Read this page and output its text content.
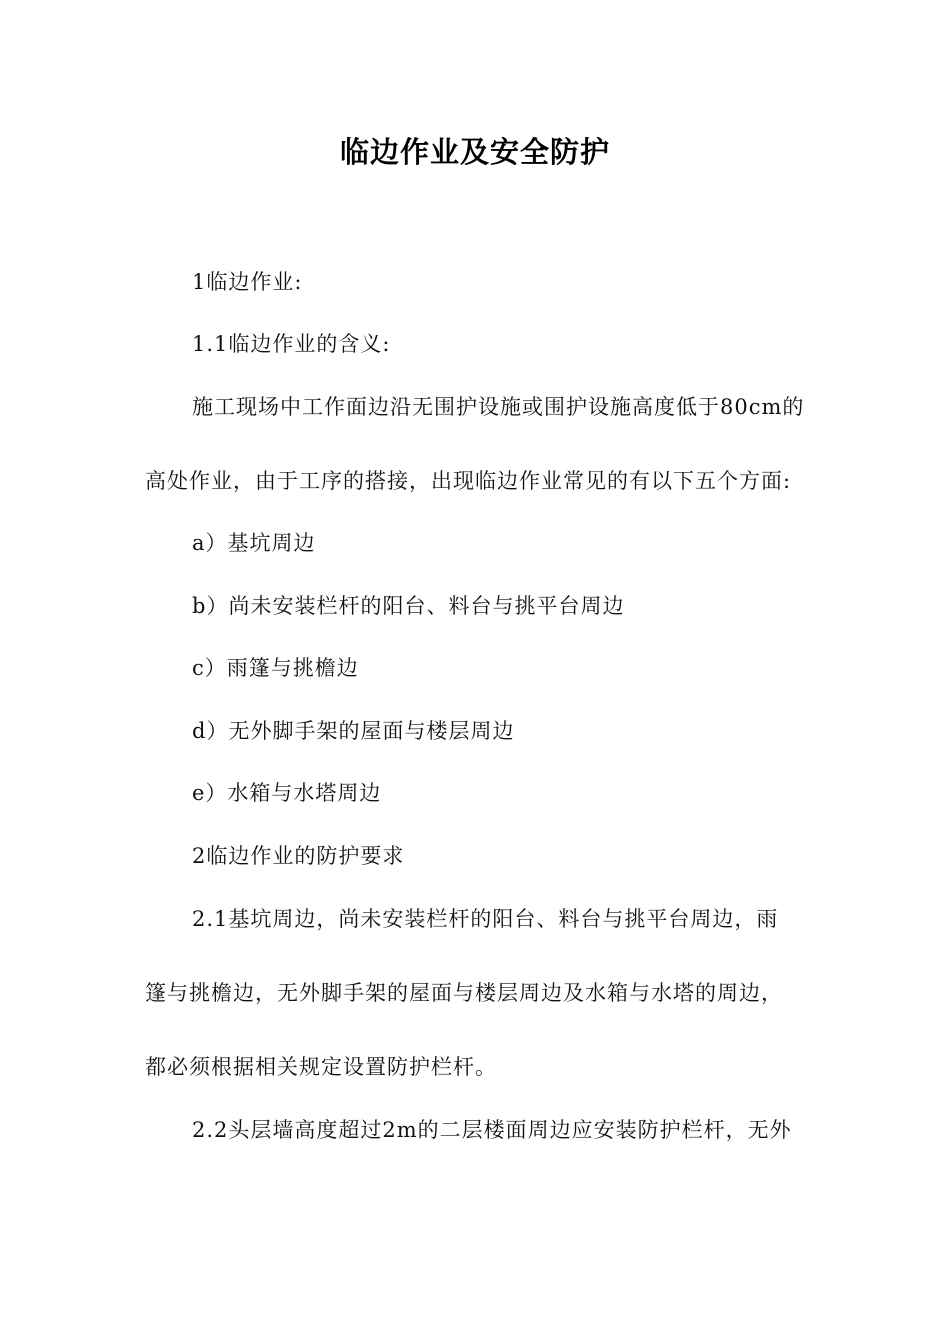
临边作业及安全防护
1临边作业:
1.1临边作业的含义:
施工现场中工作面边沿无围护设施或围护设施高度低于80cm的
高处作业，由于工序的搭接，出现临边作业常见的有以下五个方面:
a）基坑周边
b）尚未安装栏杆的阳台、料台与挑平台周边
c）雨篷与挑檐边
d）无外脚手架的屋面与楼层周边
e）水箱与水塔周边
2临边作业的防护要求
2.1基坑周边，尚未安装栏杆的阳台、料台与挑平台周边，雨
篷与挑檐边，无外脚手架的屋面与楼层周边及水箱与水塔的周边，
都必须根据相关规定设置防护栏杆。
2.2头层墙高度超过2m的二层楼面周边应安装防护栏杆，无外
